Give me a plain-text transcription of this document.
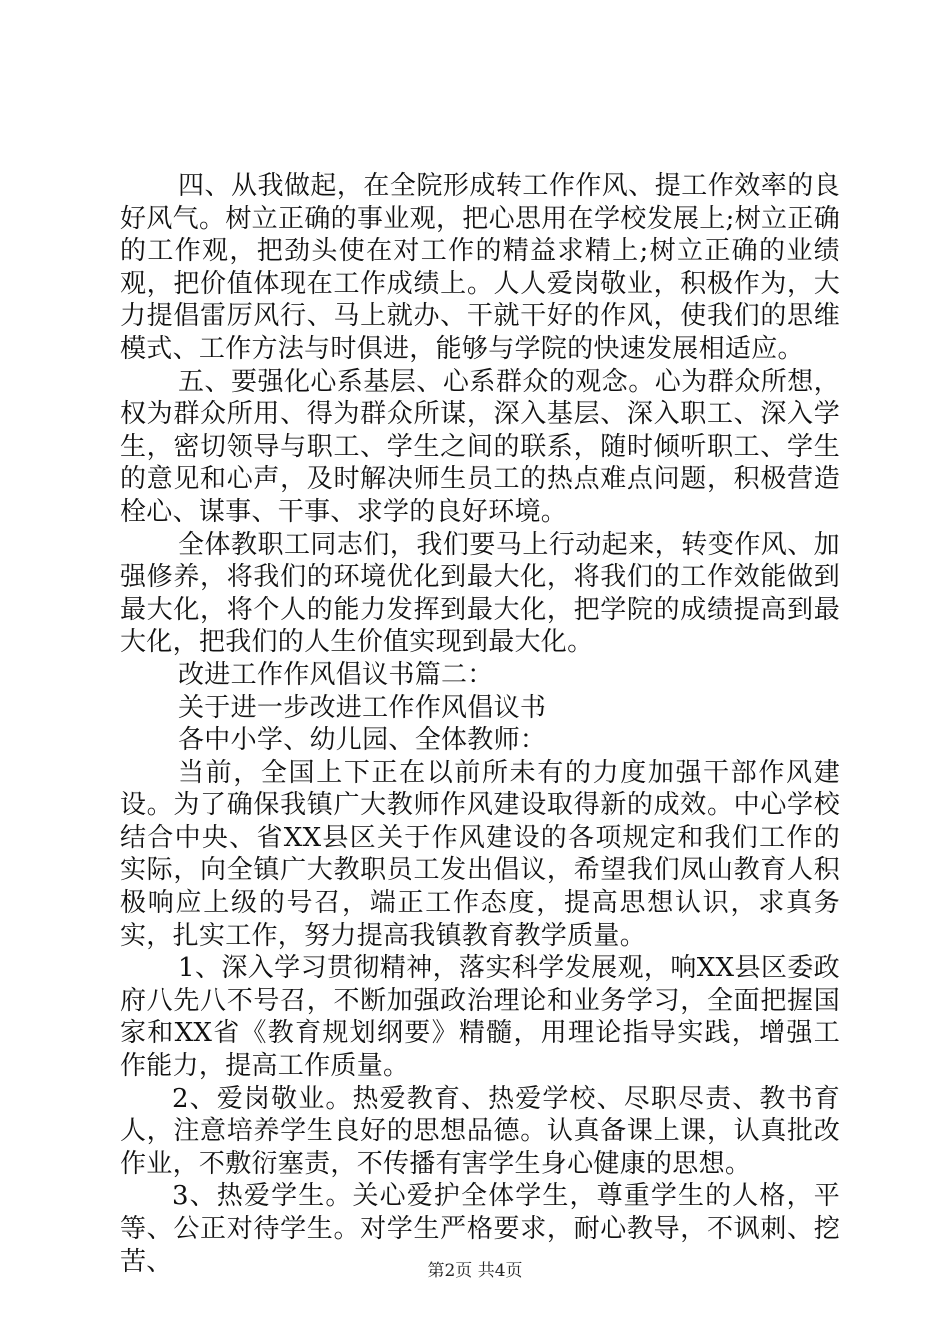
四、从我做起，在全院形成转工作作风、提工作效率的良好风气。树立正确的事业观，把心思用在学校发展上;树立正确的工作观，把劲头使在对工作的精益求精上;树立正确的业绩观，把价值体现在工作成绩上。人人爱岗敬业，积极作为，大力提倡雷厉风行、马上就办、干就干好的作风，使我们的思维模式、工作方法与时俱进，能够与学院的快速发展相适应。

五、要强化心系基层、心系群众的观念。心为群众所想，权为群众所用、得为群众所谋，深入基层、深入职工、深入学生，密切领导与职工、学生之间的联系，随时倾听职工、学生的意见和心声，及时解决师生员工的热点难点问题，积极营造栓心、谋事、干事、求学的良好环境。

全体教职工同志们，我们要马上行动起来，转变作风、加强修养，将我们的环境优化到最大化，将我们的工作效能做到最大化，将个人的能力发挥到最大化，把学院的成绩提高到最大化，把我们的人生价值实现到最大化。

改进工作作风倡议书篇二：

关于进一步改进工作作风倡议书

各中小学、幼儿园、全体教师：

当前，全国上下正在以前所未有的力度加强干部作风建设。为了确保我镇广大教师作风建设取得新的成效。中心学校结合中央、省XX县区关于作风建设的各项规定和我们工作的实际，向全镇广大教职员工发出倡议，希望我们凤山教育人积极响应上级的号召，端正工作态度，提高思想认识，求真务实，扎实工作，努力提高我镇教育教学质量。

1、深入学习贯彻精神，落实科学发展观，响XX县区委政府八先八不号召，不断加强政治理论和业务学习，全面把握国家和XX省《教育规划纲要》精髓，用理论指导实践，增强工作能力，提高工作质量。

2、爱岗敬业。热爱教育、热爱学校、尽职尽责、教书育人，注意培养学生良好的思想品德。认真备课上课，认真批改作业，不敷衍塞责，不传播有害学生身心健康的思想。

3、热爱学生。关心爱护全体学生，尊重学生的人格，平等、公正对待学生。对学生严格要求，耐心教导，不讽刺、挖苦、	第2页 共4页
